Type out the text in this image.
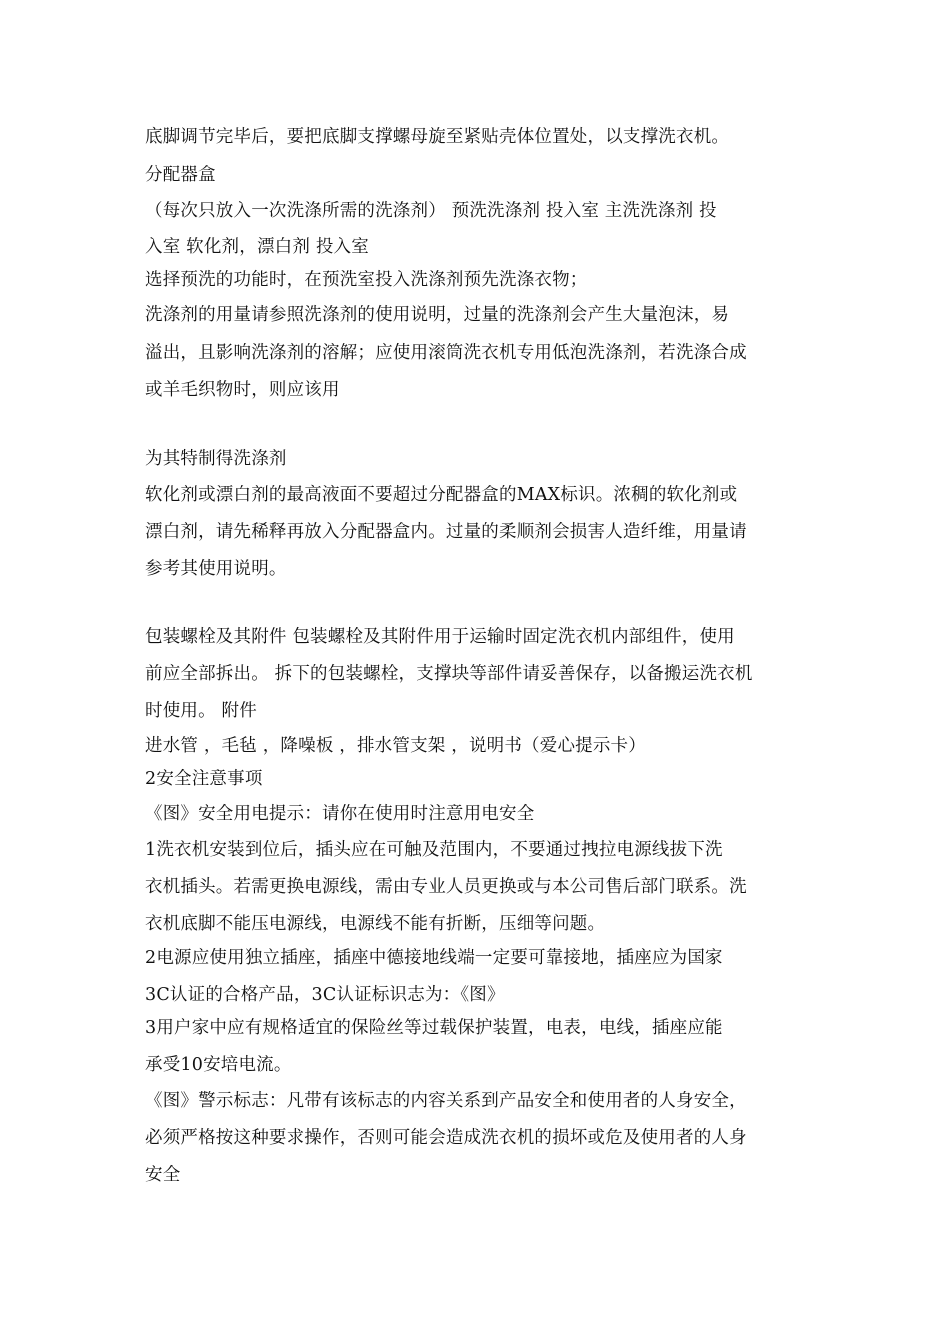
底脚调节完毕后，要把底脚支撑螺母旋至紧贴壳体位置处，以支撑洗衣机。
分配器盒
（每次只放入一次洗涤所需的洗涤剂） 预洗洗涤剂 投入室 主洗洗涤剂 投
入室 软化剂，漂白剂 投入室
选择预洗的功能时，在预洗室投入洗涤剂预先洗涤衣物；
洗涤剂的用量请参照洗涤剂的使用说明，过量的洗涤剂会产生大量泡沫，易
溢出，且影响洗涤剂的溶解；应使用滚筒洗衣机专用低泡洗涤剂，若洗涤合成
或羊毛织物时，则应该用
为其特制得洗涤剂
软化剂或漂白剂的最高液面不要超过分配器盒的MAX标识。浓稠的软化剂或
漂白剂，请先稀释再放入分配器盒内。过量的柔顺剂会损害人造纤维，用量请
参考其使用说明。
包装螺栓及其附件 包装螺栓及其附件用于运输时固定洗衣机内部组件，使用
前应全部拆出。 拆下的包装螺栓，支撑块等部件请妥善保存，以备搬运洗衣机
时使用。 附件
进水管 ，毛毡 ，降噪板 ，排水管支架 ，说明书（爱心提示卡）
2安全注意事项
《图》安全用电提示：请你在使用时注意用电安全
1洗衣机安装到位后，插头应在可触及范围内，不要通过拽拉电源线拔下洗
衣机插头。若需更换电源线，需由专业人员更换或与本公司售后部门联系。洗
衣机底脚不能压电源线，电源线不能有折断，压细等问题。
2电源应使用独立插座，插座中德接地线端一定要可靠接地，插座应为国家
3C认证的合格产品，3C认证标识志为：《图》
3用户家中应有规格适宜的保险丝等过载保护装置，电表，电线，插座应能
承受10安培电流。
《图》警示标志：凡带有该标志的内容关系到产品安全和使用者的人身安全，
必须严格按这种要求操作，否则可能会造成洗衣机的损坏或危及使用者的人身
安全
